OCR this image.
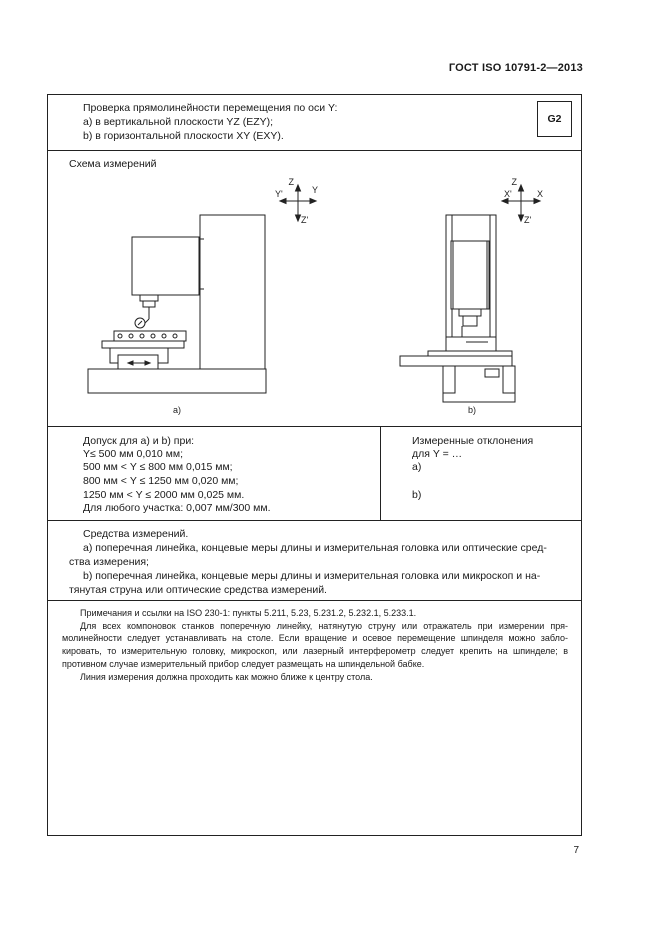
ГОСТ ISO 10791-2—2013
Проверка прямолинейности перемещения по оси Y:
а) в вертикальной плоскости YZ (EZY);
b) в горизонтальной плоскости XY (EXY).
G2
Схема измерений
Z
Y
Y'
Z'
Z
X
X'
Z'
а)	b)
Допуск для а) и b) при:
Y≤ 500 мм 0,010 мм;
500 мм < Y ≤ 800 мм 0,015 мм;
800 мм < Y ≤ 1250 мм 0,020 мм;
1250 мм < Y ≤ 2000 мм 0,025 мм.
Для любого участка: 0,007 мм/300 мм.
Измеренные отклонения
для Y = …
а)
b)
Средства измерений.
а) поперечная линейка, концевые меры длины и измерительная головка или оптические сред-
ства измерения;
b) поперечная линейка, концевые меры длины и измерительная головка или микроскоп и на-
тянутая струна или оптические средства измерений.

Примечания и ссылки на ISO 230-1: пункты 5.211, 5.23, 5.231.2, 5.232.1, 5.233.1.

Для всех компоновок станков поперечную линейку, натянутую струну или отражатель при измерении пря-молинейности следует устанавливать на столе. Если вращение и осевое перемещение шпинделя можно забло-кировать, то измерительную головку, микроскоп, или лазерный интерферометр следует крепить на шпинделе; в противном случае измерительный прибор следует размещать на шпиндельной бабке.

Линия измерения должна проходить как можно ближе к центру стола.

7
